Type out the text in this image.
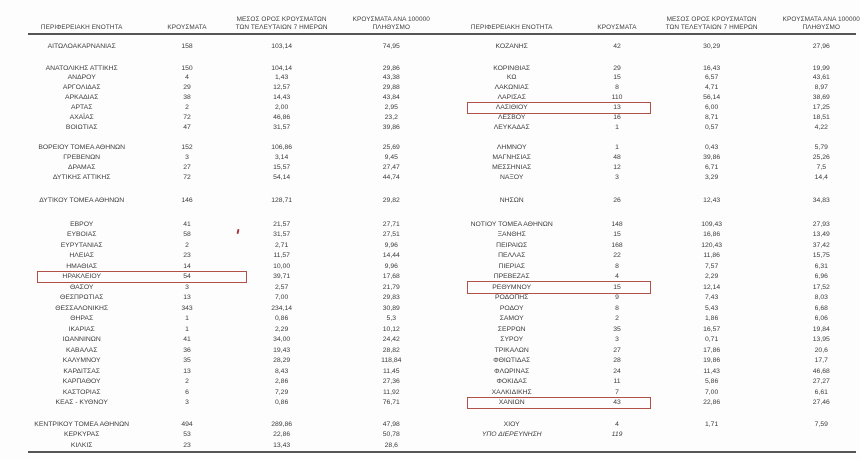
ΠΕΡΙΦΕΡΕΙΑΚΗ ΕΝΟΤΗΤΑ	ΚΡΟΥΣΜΑΤΑ
ΜΕΣΟΣ ΟΡΟΣ ΚΡΟΥΣΜΑΤΩΝ
ΤΩΝ ΤΕΛΕΥΤΑΙΩΝ 7 ΗΜΕΡΩΝ
ΚΡΟΥΣΜΑΤΑ ΑΝΑ 100000
ΠΛΗΘΥΣΜΟ
ΑΙΤΩΛΟΑΚΑΡΝΑΝΙΑΣ	158	103,14	74,95
ΑΝΑΤΟΛΙΚΗΣ ΑΤΤΙΚΗΣ	150	104,14	29,86
ΑΝΔΡΟΥ	4	1,43	43,38
ΑΡΓΟΛΙΔΑΣ	29	12,57	29,88
ΑΡΚΑΔΙΑΣ	38	14,43	43,84
ΑΡΤΑΣ	2	2,00	2,95
ΑΧΑΪΑΣ	72	46,86	23,2
ΒΟΙΩΤΙΑΣ	47	31,57	39,86
ΒΟΡΕΙΟΥ ΤΟΜΕΑ ΑΘΗΝΩΝ	152	106,86	25,69
ΓΡΕΒΕΝΩΝ	3	3,14	9,45
ΔΡΑΜΑΣ	27	15,57	27,47
ΔΥΤΙΚΗΣ ΑΤΤΙΚΗΣ	72	54,14	44,74
ΔΥΤΙΚΟΥ ΤΟΜΕΑ ΑΘΗΝΩΝ	146	128,71	29,82
ΕΒΡΟΥ	41	21,57	27,71
ΕΥΒΟΙΑΣ	58	31,57	27,51
ΕΥΡΥΤΑΝΙΑΣ	2	2,71	9,96
ΗΛΕΙΑΣ	23	11,57	14,44
ΗΜΑΘΙΑΣ	14	10,00	9,96
ΗΡΑΚΛΕΙΟΥ	54	39,71	17,68
ΘΑΣΟΥ	3	2,57	21,79
ΘΕΣΠΡΩΤΙΑΣ	13	7,00	29,83
ΘΕΣΣΑΛΟΝΙΚΗΣ	343	234,14	30,89
ΘΗΡΑΣ	1	0,86	5,3
ΙΚΑΡΙΑΣ	1	2,29	10,12
ΙΩΑΝΝΙΝΩΝ	41	34,00	24,42
ΚΑΒΑΛΑΣ	36	19,43	28,82
ΚΑΛΥΜΝΟΥ	35	28,29	118,84
ΚΑΡΔΙΤΣΑΣ	13	8,43	11,45
ΚΑΡΠΑΘΟΥ	2	2,86	27,36
ΚΑΣΤΟΡΙΑΣ	6	7,29	11,92
ΚΕΑΣ - ΚΥΘΝΟΥ	3	0,86	76,71
ΚΕΝΤΡΙΚΟΥ ΤΟΜΕΑ ΑΘΗΝΩΝ	494	289,86	47,98
ΚΕΡΚΥΡΑΣ	53	22,86	50,78
ΚΙΛΚΙΣ	23	13,43	28,6
ΠΕΡΙΦΕΡΕΙΑΚΗ ΕΝΟΤΗΤΑ	ΚΡΟΥΣΜΑΤΑ
ΜΕΣΟΣ ΟΡΟΣ ΚΡΟΥΣΜΑΤΩΝ
ΤΩΝ ΤΕΛΕΥΤΑΙΩΝ 7 ΗΜΕΡΩΝ
ΚΡΟΥΣΜΑΤΑ ΑΝΑ 100000
ΠΛΗΘΥΣΜΟ
ΚΟΖΑΝΗΣ	42	30,29	27,96
ΚΟΡΙΝΘΙΑΣ	29	16,43	19,99
ΚΩ	15	6,57	43,61
ΛΑΚΩΝΙΑΣ	8	4,71	8,97
ΛΑΡΙΣΑΣ	110	56,14	38,69
ΛΑΣΙΘΙΟΥ	13	6,00	17,25
ΛΕΣΒΟΥ	16	8,71	18,51
ΛΕΥΚΑΔΑΣ	1	0,57	4,22
ΛΗΜΝΟΥ	1	0,43	5,79
ΜΑΓΝΗΣΙΑΣ	48	39,86	25,26
ΜΕΣΣΗΝΙΑΣ	12	6,71	7,5
ΝΑΞΟΥ	3	3,29	14,4
ΝΗΣΩΝ	26	12,43	34,83
ΝΟΤΙΟΥ ΤΟΜΕΑ ΑΘΗΝΩΝ	148	109,43	27,93
ΞΑΝΘΗΣ	15	16,86	13,49
ΠΕΙΡΑΙΩΣ	168	120,43	37,42
ΠΕΛΛΑΣ	22	11,86	15,75
ΠΙΕΡΙΑΣ	8	7,57	6,31
ΠΡΕΒΕΖΑΣ	4	2,29	6,96
ΡΕΘΥΜΝΟΥ	15	12,14	17,52
ΡΟΔΟΠΗΣ	9	7,43	8,03
ΡΟΔΟΥ	8	5,43	6,68
ΣΑΜΟΥ	2	1,86	6,06
ΣΕΡΡΩΝ	35	16,57	19,84
ΣΥΡΟΥ	3	0,71	13,95
ΤΡΙΚΑΛΩΝ	27	17,86	20,6
ΦΘΙΩΤΙΔΑΣ	28	19,86	17,7
ΦΛΩΡΙΝΑΣ	24	11,43	46,68
ΦΟΚΙΔΑΣ	11	5,86	27,27
ΧΑΛΚΙΔΙΚΗΣ	7	7,00	6,61
ΧΑΝΙΩΝ	43	22,86	27,46
ΧΙΟΥ	4	1,71	7,59
ΥΠΟ ΔΙΕΡΕΥΝΗΣΗ	119
